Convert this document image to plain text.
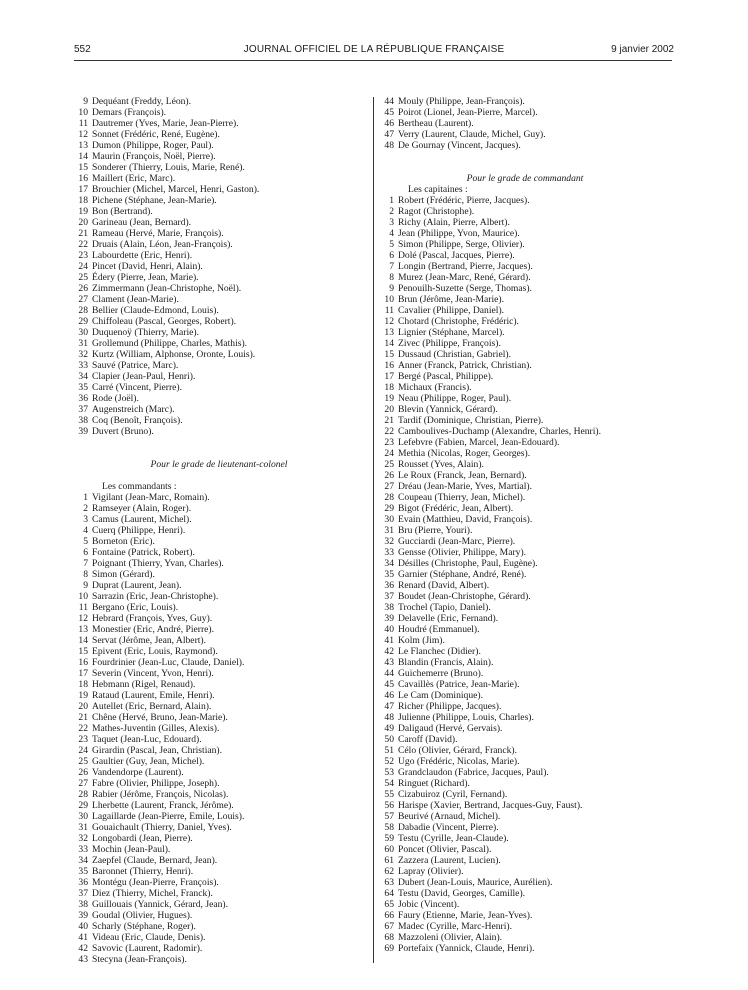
552	JOURNAL OFFICIEL DE LA RÉPUBLIQUE FRANÇAISE	9 janvier 2002
9 Dequéant (Freddy, Léon).
10 Demars (François).
11 Dautremer (Yves, Marie, Jean-Pierre).
12 Sonnet (Frédéric, René, Eugène).
13 Dumon (Philippe, Roger, Paul).
14 Maurin (François, Noël, Pierre).
15 Sonderer (Thierry, Louis, Marie, René).
16 Maillert (Eric, Marc).
17 Brouchier (Michel, Marcel, Henri, Gaston).
18 Pichene (Stéphane, Jean-Marie).
19 Bon (Bertrand).
20 Garineau (Jean, Bernard).
21 Rameau (Hervé, Marie, François).
22 Druais (Alain, Léon, Jean-François).
23 Labourdette (Eric, Henri).
24 Pincet (David, Henri, Alain).
25 Édery (Pierre, Jean, Marie).
26 Zimmermann (Jean-Christophe, Noël).
27 Clament (Jean-Marie).
28 Bellier (Claude-Edmond, Louis).
29 Chiffoleau (Pascal, Georges, Robert).
30 Duquenoÿ (Thierry, Marie).
31 Grollemund (Philippe, Charles, Mathis).
32 Kurtz (William, Alphonse, Oronte, Louis).
33 Sauvé (Patrice, Marc).
34 Clapier (Jean-Paul, Henri).
35 Carré (Vincent, Pierre).
36 Rode (Joël).
37 Augenstreich (Marc).
38 Coq (Benoît, François).
39 Duvert (Bruno).
Pour le grade de lieutenant-colonel
Les commandants :
1 Vigilant (Jean-Marc, Romain).
2 Ramseyer (Alain, Roger).
3 Camus (Laurent, Michel).
4 Cuerq (Philippe, Henri).
5 Borneton (Eric).
6 Fontaine (Patrick, Robert).
7 Poignant (Thierry, Yvan, Charles).
8 Simon (Gérard).
9 Duprat (Laurent, Jean).
10 Sarrazin (Eric, Jean-Christophe).
11 Bergano (Eric, Louis).
12 Hebrard (François, Yves, Guy).
13 Monestier (Eric, André, Pierre).
14 Servat (Jérôme, Jean, Albert).
15 Epivent (Eric, Louis, Raymond).
16 Fourdrinier (Jean-Luc, Claude, Daniel).
17 Severin (Vincent, Yvon, Henri).
18 Hebmann (Rigel, Renaud).
19 Rataud (Laurent, Emile, Henri).
20 Autellet (Eric, Bernard, Alain).
21 Chêne (Hervé, Bruno, Jean-Marie).
22 Mathes-Juventin (Gilles, Alexis).
23 Taquet (Jean-Luc, Edouard).
24 Girardin (Pascal, Jean, Christian).
25 Gaultier (Guy, Jean, Michel).
26 Vandendorpe (Laurent).
27 Fabre (Olivier, Philippe, Joseph).
28 Rabier (Jérôme, François, Nicolas).
29 Lherbette (Laurent, Franck, Jérôme).
30 Lagaillarde (Jean-Pierre, Emile, Louis).
31 Gouaichault (Thierry, Daniel, Yves).
32 Longobardi (Jean, Pierre).
33 Mochin (Jean-Paul).
34 Zaepfel (Claude, Bernard, Jean).
35 Baronnet (Thierry, Henri).
36 Montégu (Jean-Pierre, François).
37 Diez (Thierry, Michel, Franck).
38 Guillouais (Yannick, Gérard, Jean).
39 Goudal (Olivier, Hugues).
40 Scharly (Stéphane, Roger).
41 Videau (Eric, Claude, Denis).
42 Savovic (Laurent, Radomir).
43 Stecyna (Jean-François).
44 Mouly (Philippe, Jean-François).
45 Poirot (Lionel, Jean-Pierre, Marcel).
46 Bertheau (Laurent).
47 Verry (Laurent, Claude, Michel, Guy).
48 De Gournay (Vincent, Jacques).
Pour le grade de commandant
Les capitaines :
1 Robert (Frédéric, Pierre, Jacques).
2 Ragot (Christophe).
3 Richy (Alain, Pierre, Albert).
4 Jean (Philippe, Yvon, Maurice).
5 Simon (Philippe, Serge, Olivier).
6 Dolé (Pascal, Jacques, Pierre).
7 Longin (Bertrand, Pierre, Jacques).
8 Murez (Jean-Marc, René, Gérard).
9 Penouilh-Suzette (Serge, Thomas).
10 Brun (Jérôme, Jean-Marie).
11 Cavalier (Philippe, Daniel).
12 Chotard (Christophe, Frédéric).
13 Lignier (Stéphane, Marcel).
14 Zivec (Philippe, François).
15 Dussaud (Christian, Gabriel).
16 Anner (Franck, Patrick, Christian).
17 Bergé (Pascal, Philippe).
18 Michaux (Francis).
19 Neau (Philippe, Roger, Paul).
20 Blevin (Yannick, Gérard).
21 Tardif (Dominique, Christian, Pierre).
22 Camboulives-Duchamp (Alexandre, Charles, Henri).
23 Lefebvre (Fabien, Marcel, Jean-Edouard).
24 Methia (Nicolas, Roger, Georges).
25 Rousset (Yves, Alain).
26 Le Roux (Franck, Jean, Bernard).
27 Dréau (Jean-Marie, Yves, Martial).
28 Coupeau (Thierry, Jean, Michel).
29 Bigot (Frédéric, Jean, Albert).
30 Evain (Matthieu, David, François).
31 Bru (Pierre, Youri).
32 Gucciardi (Jean-Marc, Pierre).
33 Gensse (Olivier, Philippe, Mary).
34 Désilles (Christophe, Paul, Eugène).
35 Garnier (Stéphane, André, René).
36 Renard (David, Albert).
37 Boudet (Jean-Christophe, Gérard).
38 Trochel (Tapio, Daniel).
39 Delavelle (Eric, Fernand).
40 Houdré (Emmanuel).
41 Kolm (Jim).
42 Le Flanchec (Didier).
43 Blandin (Francis, Alain).
44 Guichemerre (Bruno).
45 Cavaillès (Patrice, Jean-Marie).
46 Le Cam (Dominique).
47 Richer (Philippe, Jacques).
48 Julienne (Philippe, Louis, Charles).
49 Daligaud (Hervé, Gervais).
50 Caroff (David).
51 Célo (Olivier, Gérard, Franck).
52 Ugo (Frédéric, Nicolas, Marie).
53 Grandclaudon (Fabrice, Jacques, Paul).
54 Ringuet (Richard).
55 Cizabuiroz (Cyril, Fernand).
56 Harispe (Xavier, Bertrand, Jacques-Guy, Faust).
57 Beurivé (Arnaud, Michel).
58 Dabadie (Vincent, Pierre).
59 Testu (Cyrille, Jean-Claude).
60 Poncet (Olivier, Pascal).
61 Zazzera (Laurent, Lucien).
62 Lapray (Olivier).
63 Dubert (Jean-Louis, Maurice, Aurélien).
64 Testu (David, Georges, Camille).
65 Jobic (Vincent).
66 Faury (Etienne, Marie, Jean-Yves).
67 Madec (Cyrille, Marc-Henri).
68 Mazzoleni (Olivier, Alain).
69 Portefaix (Yannick, Claude, Henri).
